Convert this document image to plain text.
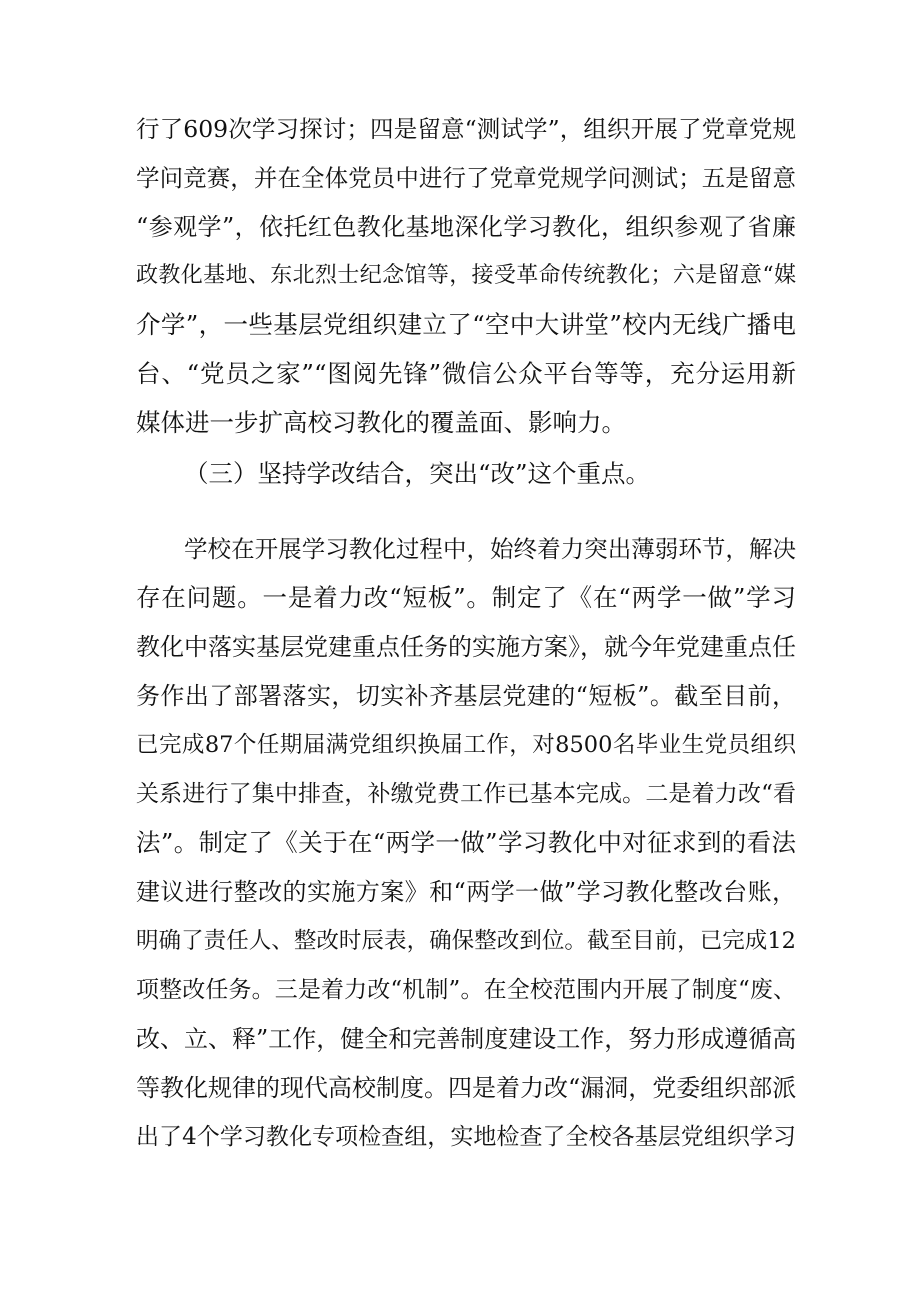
行了609次学习探讨；四是留意“测试学”，组织开展了党章党规

学问竞赛，并在全体党员中进行了党章党规学问测试；五是留意

“参观学”，依托红色教化基地深化学习教化，组织参观了省廉

政教化基地、东北烈士纪念馆等，接受革命传统教化；六是留意“媒

介学”，一些基层党组织建立了“空中大讲堂”校内无线广播电

台、“党员之家”“图阅先锋”微信公众平台等等，充分运用新

媒体进一步扩高校习教化的覆盖面、影响力。

（三）坚持学改结合，突出“改”这个重点。

学校在开展学习教化过程中，始终着力突出薄弱环节，解决

存在问题。一是着力改“短板”。制定了《在“两学一做”学习

教化中落实基层党建重点任务的实施方案》，就今年党建重点任

务作出了部署落实，切实补齐基层党建的“短板”。截至目前，

已完成87个任期届满党组织换届工作，对8500名毕业生党员组织

关系进行了集中排查，补缴党费工作已基本完成。二是着力改“看

法”。制定了《关于在“两学一做”学习教化中对征求到的看法

建议进行整改的实施方案》和“两学一做”学习教化整改台账，

明确了责任人、整改时辰表，确保整改到位。截至目前，已完成12

项整改任务。三是着力改“机制”。在全校范围内开展了制度“废、

改、立、释”工作，健全和完善制度建设工作，努力形成遵循高

等教化规律的现代高校制度。四是着力改“漏洞，党委组织部派

出了4个学习教化专项检查组，实地检查了全校各基层党组织学习
